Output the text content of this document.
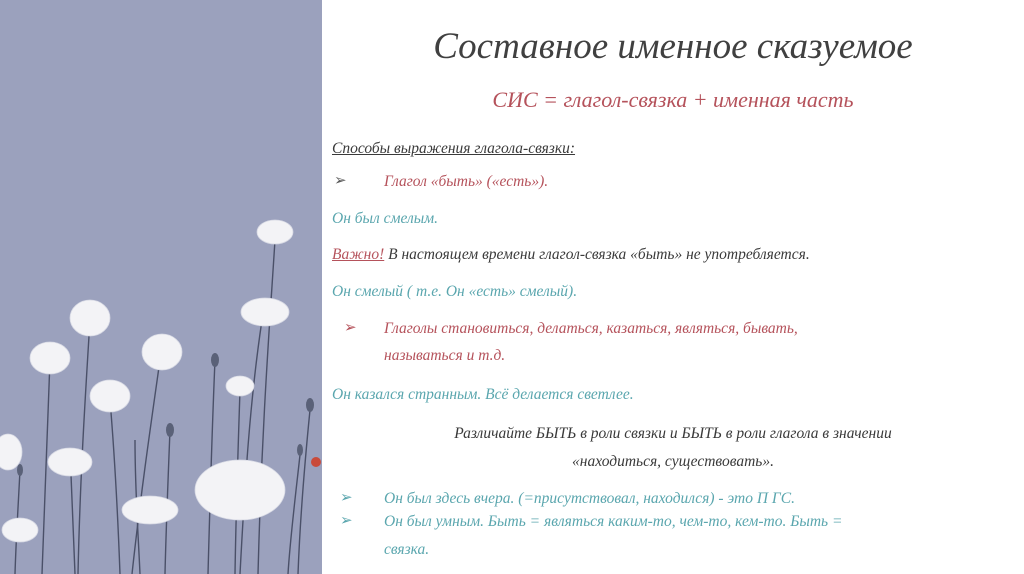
Составное именное сказуемое
СИС = глагол-связка + именная часть
Способы выражения глагола-связки:
➢ Глагол «быть» («есть»).
Он был смелым.
Важно! В настоящем времени глагол-связка «быть» не употребляется.
Он смелый ( т.е. Он «есть» смелый).
➢ Глаголы становиться, делаться, казаться, являться, бывать,
называться и т.д.
Он казался странным. Всё делается светлее.
Различайте БЫТЬ в роли связки и БЫТЬ в роли глагола в значении
«находиться, существовать».
➢ Он был здесь вчера. (=присутствовал, находился) - это П ГС.
➢ Он был умным. Быть = являться каким-то, чем-то, кем-то. Быть =
связка.
